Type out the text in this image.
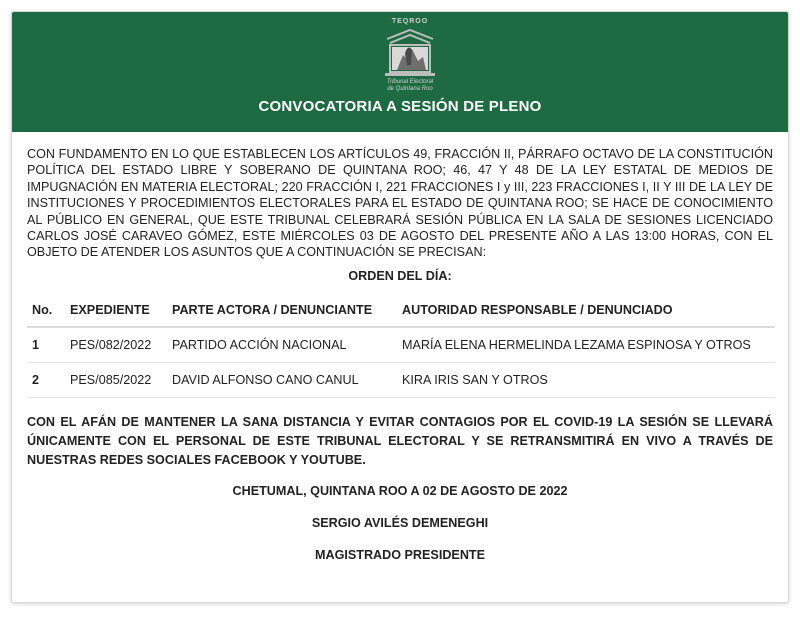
TEQROO
Tribunal Electoral
de Quintana Roo
CONVOCATORIA A SESIÓN DE PLENO

CON FUNDAMENTO EN LO QUE ESTABLECEN LOS ARTÍCULOS 49, FRACCIÓN II, PÁRRAFO OCTAVO DE LA CONSTITUCIÓN POLÍTICA DEL ESTADO LIBRE Y SOBERANO DE QUINTANA ROO; 46, 47 Y 48 DE LA LEY ESTATAL DE MEDIOS DE IMPUGNACIÓN EN MATERIA ELECTORAL; 220 FRACCIÓN I, 221 FRACCIONES I y III, 223 FRACCIONES I, II Y III DE LA LEY DE INSTITUCIONES Y PROCEDIMIENTOS ELECTORALES PARA EL ESTADO DE QUINTANA ROO; SE HACE DE CONOCIMIENTO AL PÚBLICO EN GENERAL, QUE ESTE TRIBUNAL CELEBRARÁ SESIÓN PÚBLICA EN LA SALA DE SESIONES LICENCIADO CARLOS JOSÉ CARAVEO GÓMEZ, ESTE MIÉRCOLES 03 DE AGOSTO DEL PRESENTE AÑO A LAS 13:00 HORAS, CON EL OBJETO DE ATENDER LOS ASUNTOS QUE A CONTINUACIÓN SE PRECISAN:

ORDEN DEL DÍA:
No.	EXPEDIENTE	PARTE ACTORA / DENUNCIANTE	AUTORIDAD RESPONSABLE / DENUNCIADO
1	PES/082/2022	PARTIDO ACCIÓN NACIONAL	MARÍA ELENA HERMELINDA LEZAMA ESPINOSA Y OTROS
2	PES/085/2022	DAVID ALFONSO CANO CANUL	KIRA IRIS SAN Y OTROS

CON EL AFÁN DE MANTENER LA SANA DISTANCIA Y EVITAR CONTAGIOS POR EL COVID-19 LA SESIÓN SE LLEVARÁ ÚNICAMENTE CON EL PERSONAL DE ESTE TRIBUNAL ELECTORAL Y SE RETRANSMITIRÁ EN VIVO A TRAVÉS DE NUESTRAS REDES SOCIALES FACEBOOK Y YOUTUBE.

CHETUMAL, QUINTANA ROO A 02 DE AGOSTO DE 2022
SERGIO AVILÉS DEMENEGHI
MAGISTRADO PRESIDENTE
